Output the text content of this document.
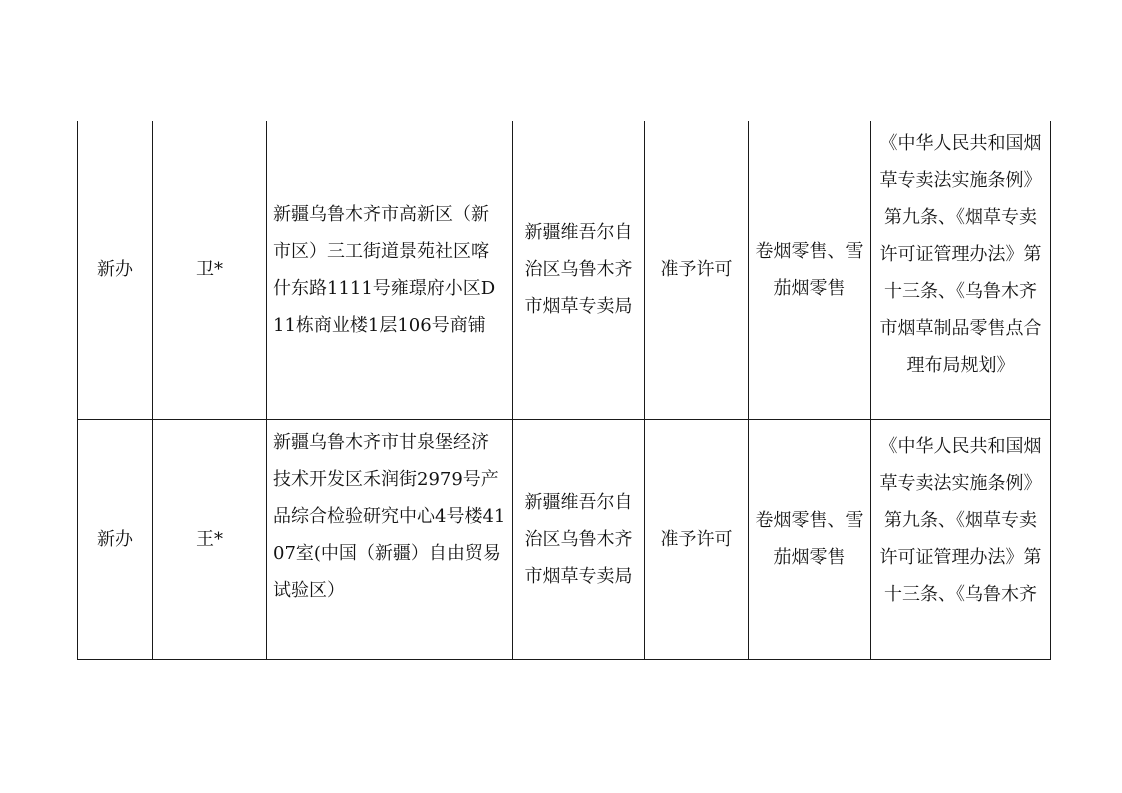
新办	卫*	新疆乌鲁木齐市高新区（新市区）三工街道景苑社区喀什东路1111号雍璟府小区D11栋商业楼1层106号商铺	新疆维吾尔自治区乌鲁木齐市烟草专卖局	准予许可	卷烟零售、雪茄烟零售	《中华人民共和国烟草专卖法实施条例》第九条、《烟草专卖许可证管理办法》第十三条、《乌鲁木齐市烟草制品零售点合理布局规划》
新办	王*	新疆乌鲁木齐市甘泉堡经济技术开发区禾润街2979号产品综合检验研究中心4号楼4107室(中国（新疆）自由贸易试验区）	新疆维吾尔自治区乌鲁木齐市烟草专卖局	准予许可	卷烟零售、雪茄烟零售	《中华人民共和国烟草专卖法实施条例》第九条、《烟草专卖许可证管理办法》第十三条、《乌鲁木齐
